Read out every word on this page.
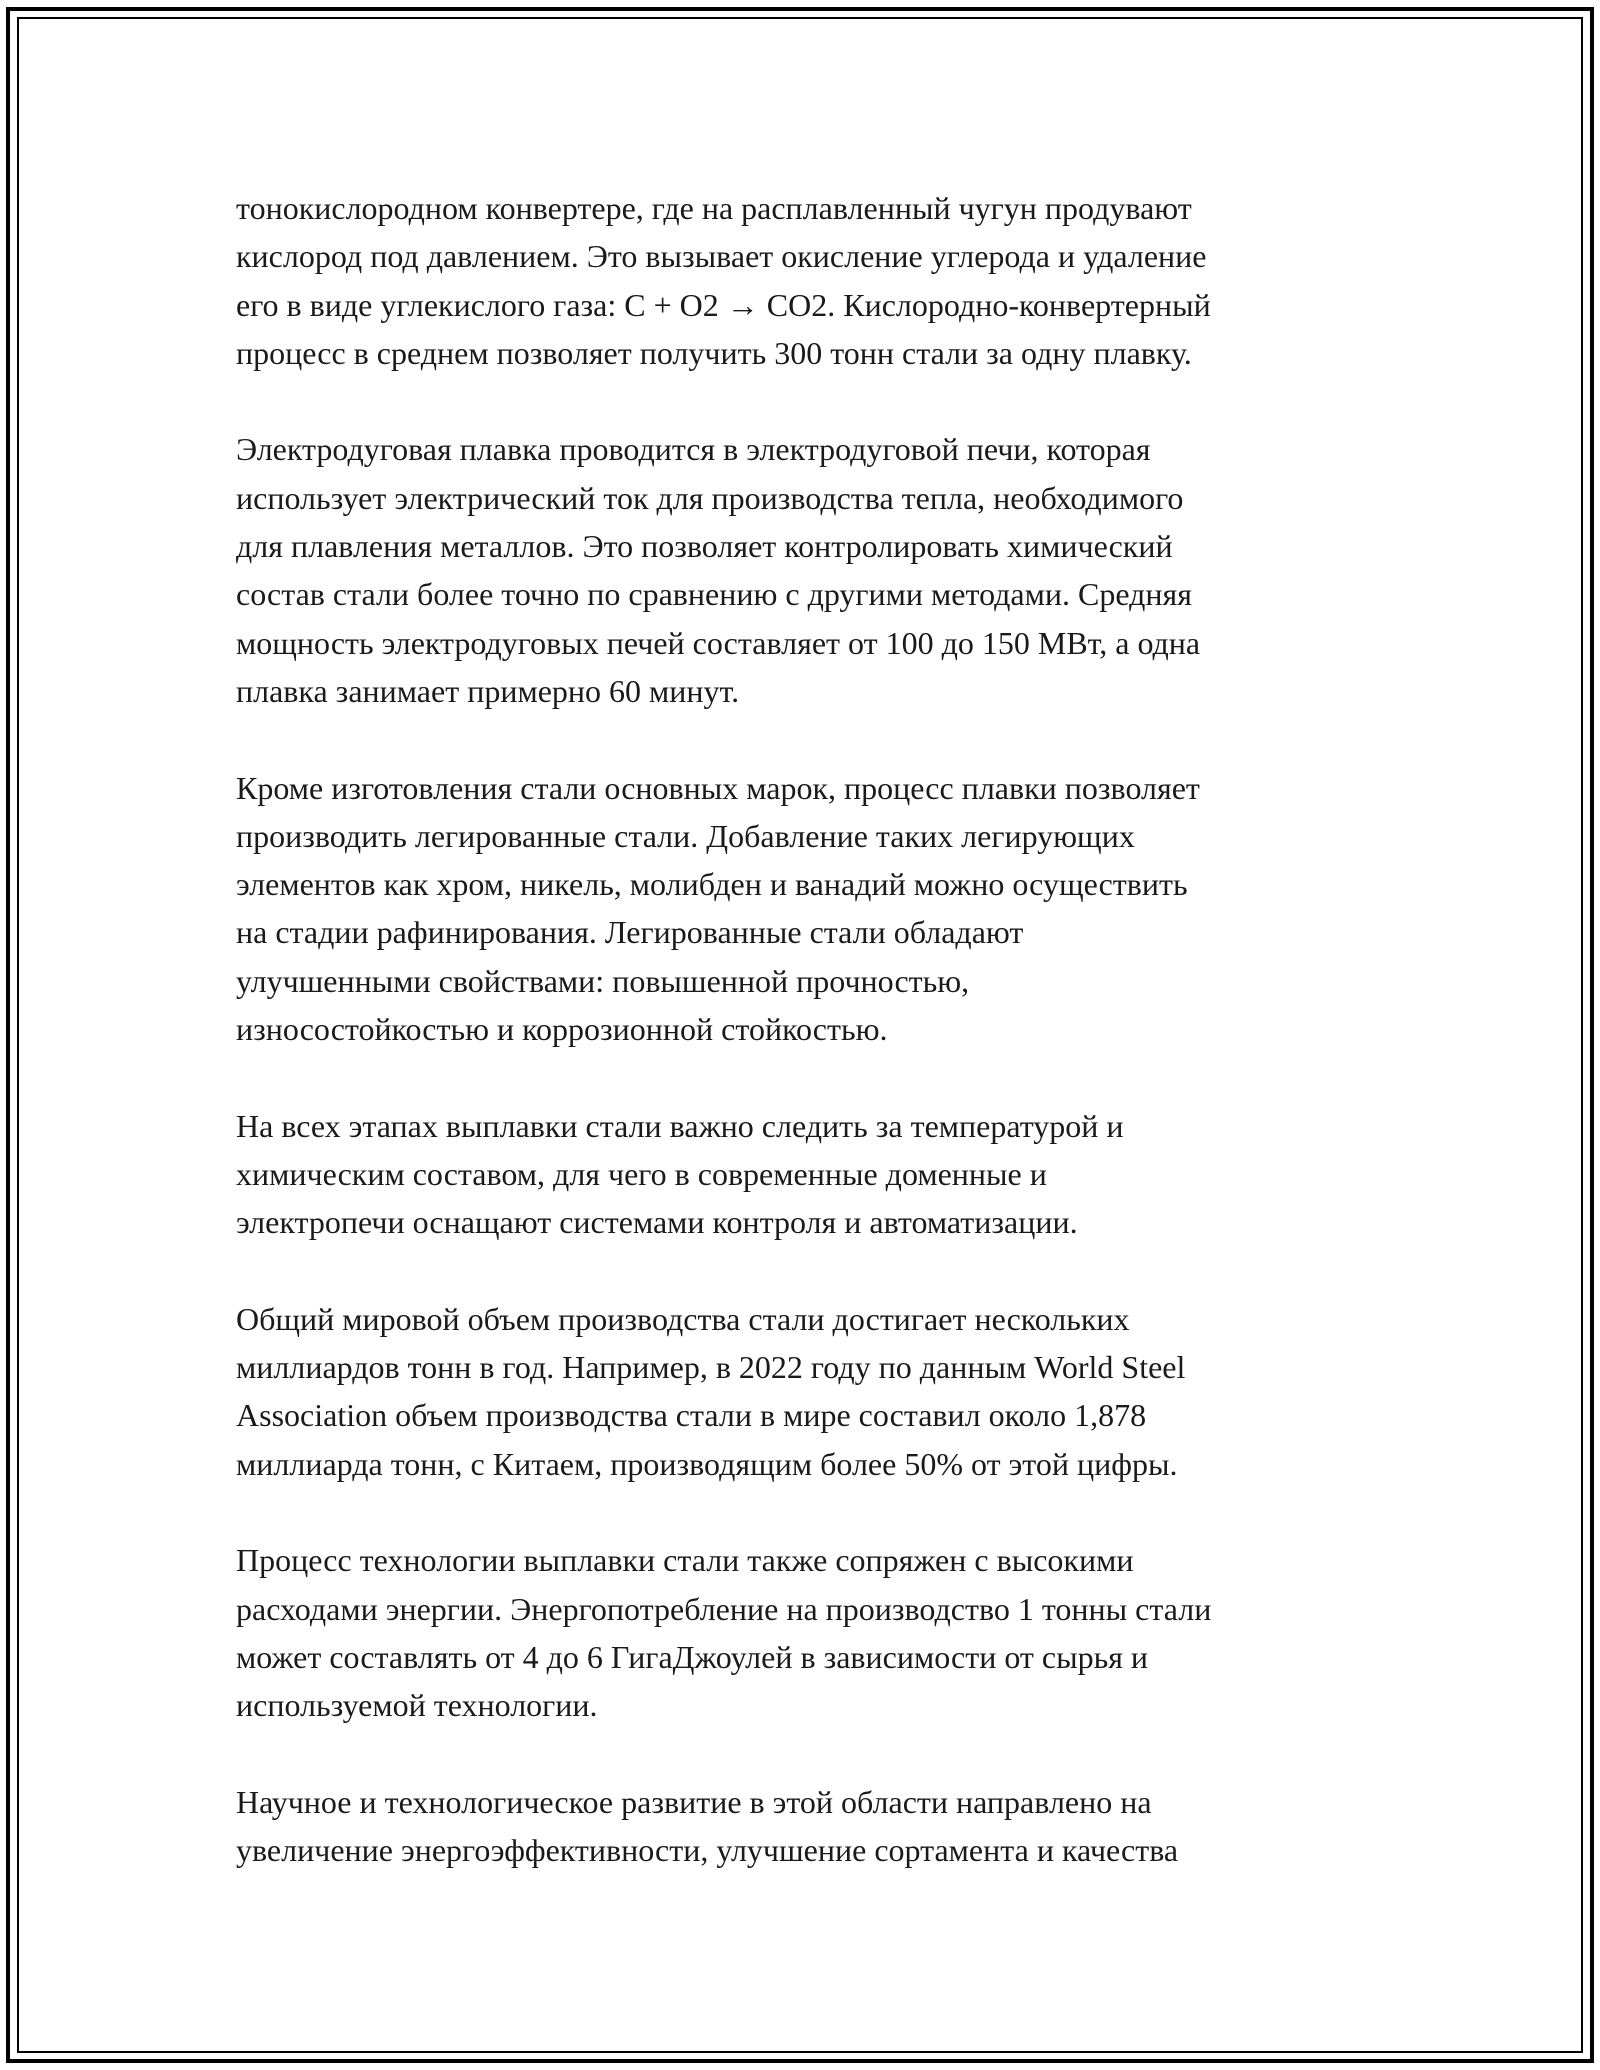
тонокислородном конвертере, где на расплавленный чугун продувают
кислород под давлением. Это вызывает окисление углерода и удаление
его в виде углекислого газа: C + O2 → CO2. Кислородно-конвертерный
процесс в среднем позволяет получить 300 тонн стали за одну плавку.

Электродуговая плавка проводится в электродуговой печи, которая
использует электрический ток для производства тепла, необходимого
для плавления металлов. Это позволяет контролировать химический
состав стали более точно по сравнению с другими методами. Средняя
мощность электродуговых печей составляет от 100 до 150 МВт, а одна
плавка занимает примерно 60 минут.

Кроме изготовления стали основных марок, процесс плавки позволяет
производить легированные стали. Добавление таких легирующих
элементов как хром, никель, молибден и ванадий можно осуществить
на стадии рафинирования. Легированные стали обладают
улучшенными свойствами: повышенной прочностью,
износостойкостью и коррозионной стойкостью.

На всех этапах выплавки стали важно следить за температурой и
химическим составом, для чего в современные доменные и
электропечи оснащают системами контроля и автоматизации.

Общий мировой объем производства стали достигает нескольких
миллиардов тонн в год. Например, в 2022 году по данным World Steel
Association объем производства стали в мире составил около 1,878
миллиарда тонн, с Китаем, производящим более 50% от этой цифры.

Процесс технологии выплавки стали также сопряжен с высокими
расходами энергии. Энергопотребление на производство 1 тонны стали
может составлять от 4 до 6 ГигаДжоулей в зависимости от сырья и
используемой технологии.

Научное и технологическое развитие в этой области направлено на
увеличение энергоэффективности, улучшение сортамента и качества
